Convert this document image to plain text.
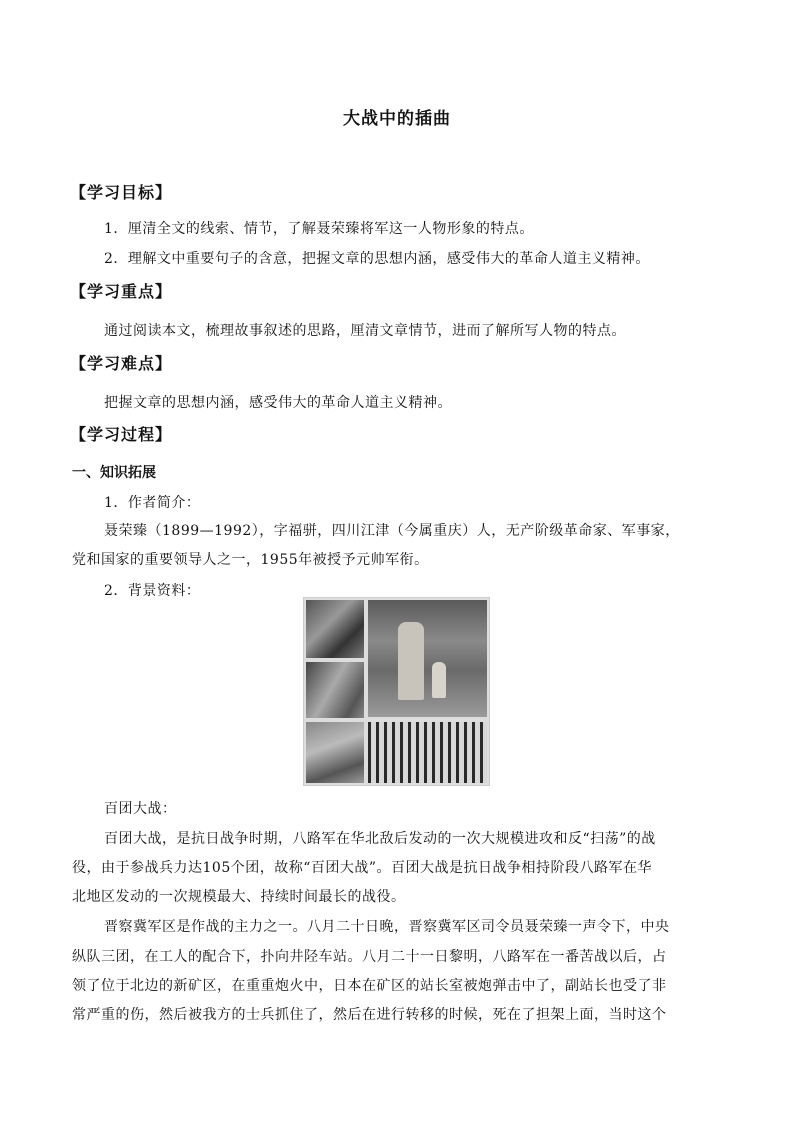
大战中的插曲
【学习目标】
1．厘清全文的线索、情节，了解聂荣臻将军这一人物形象的特点。
2．理解文中重要句子的含意，把握文章的思想内涵，感受伟大的革命人道主义精神。
【学习重点】
通过阅读本文，梳理故事叙述的思路，厘清文章情节，进而了解所写人物的特点。
【学习难点】
把握文章的思想内涵，感受伟大的革命人道主义精神。
【学习过程】
一、知识拓展
1．作者简介：
聂荣臻（1899—1992），字福骈，四川江津（今属重庆）人，无产阶级革命家、军事家，
党和国家的重要领导人之一，1955年被授予元帅军衔。
2．背景资料：
百团大战：
百团大战，是抗日战争时期，八路军在华北敌后发动的一次大规模进攻和反“扫荡”的战
役，由于参战兵力达105个团，故称“百团大战”。百团大战是抗日战争相持阶段八路军在华
北地区发动的一次规模最大、持续时间最长的战役。
晋察冀军区是作战的主力之一。八月二十日晚，晋察冀军区司令员聂荣臻一声令下，中央
纵队三团，在工人的配合下，扑向井陉车站。八月二十一日黎明，八路军在一番苦战以后，占
领了位于北边的新矿区，在重重炮火中，日本在矿区的站长室被炮弹击中了，副站长也受了非
常严重的伤，然后被我方的士兵抓住了，然后在进行转移的时候，死在了担架上面，当时这个
